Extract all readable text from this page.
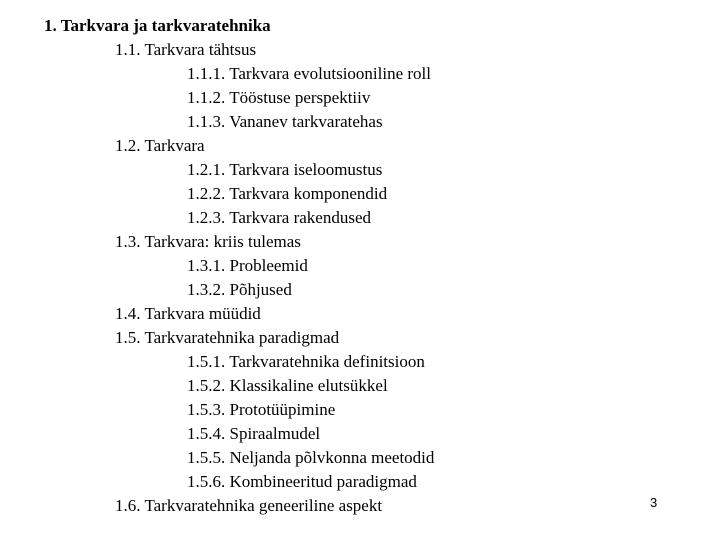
1. Tarkvara ja tarkvaratehnika
1.1. Tarkvara tähtsus
1.1.1. Tarkvara evolutsiooniline roll
1.1.2. Tööstuse perspektiiv
1.1.3. Vananev tarkvaratehas
1.2. Tarkvara
1.2.1. Tarkvara iseloomustus
1.2.2. Tarkvara komponendid
1.2.3. Tarkvara rakendused
1.3. Tarkvara: kriis tulemas
1.3.1. Probleemid
1.3.2. Põhjused
1.4. Tarkvara müüdid
1.5. Tarkvaratehnika paradigmad
1.5.1. Tarkvaratehnika definitsioon
1.5.2. Klassikaline elutsükkel
1.5.3. Prototüüpimine
1.5.4. Spiraalmudel
1.5.5. Neljanda põlvkonna meetodid
1.5.6. Kombineeritud paradigmad
1.6. Tarkvaratehnika geneeriline aspekt	3
